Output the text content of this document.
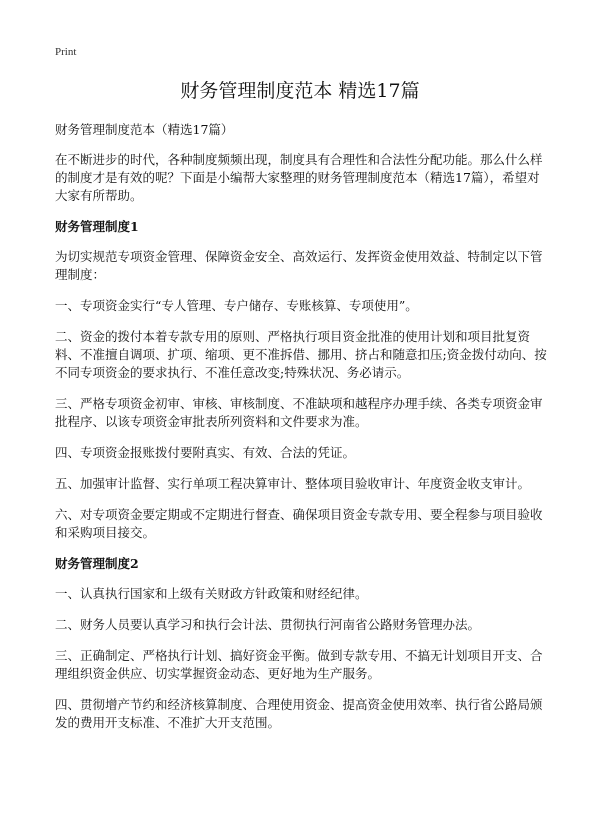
Print
财务管理制度范本 精选17篇

财务管理制度范本（精选17篇）

在不断进步的时代，各种制度频频出现，制度具有合理性和合法性分配功能。那么什么样的制度才是有效的呢？下面是小编帮大家整理的财务管理制度范本（精选17篇），希望对大家有所帮助。

财务管理制度1

为切实规范专项资金管理、保障资金安全、高效运行、发挥资金使用效益、特制定以下管理制度：

一、专项资金实行“专人管理、专户储存、专账核算、专项使用”。

二、资金的拨付本着专款专用的原则、严格执行项目资金批准的使用计划和项目批复资料、不准擅自调项、扩项、缩项、更不准拆借、挪用、挤占和随意扣压;资金拨付动向、按不同专项资金的要求执行、不准任意改变;特殊状况、务必请示。

三、严格专项资金初审、审核、审核制度、不准缺项和越程序办理手续、各类专项资金审批程序、以该专项资金审批表所列资料和文件要求为准。

四、专项资金报账拨付要附真实、有效、合法的凭证。

五、加强审计监督、实行单项工程决算审计、整体项目验收审计、年度资金收支审计。

六、对专项资金要定期或不定期进行督查、确保项目资金专款专用、要全程参与项目验收和采购项目接交。

财务管理制度2

一、认真执行国家和上级有关财政方针政策和财经纪律。

二、财务人员要认真学习和执行会计法、贯彻执行河南省公路财务管理办法。

三、正确制定、严格执行计划、搞好资金平衡。做到专款专用、不搞无计划项目开支、合理组织资金供应、切实掌握资金动态、更好地为生产服务。

四、贯彻增产节约和经济核算制度、合理使用资金、提高资金使用效率、执行省公路局颁发的费用开支标准、不准扩大开支范围。
